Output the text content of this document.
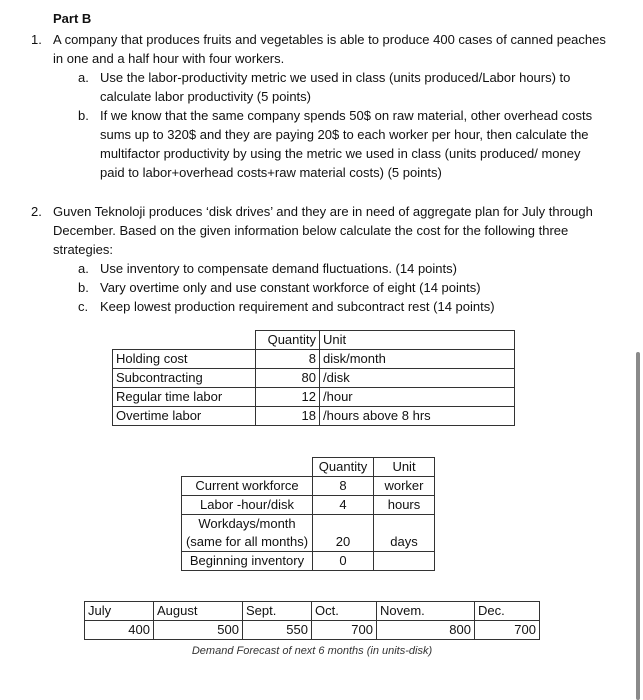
Part B
1. A company that produces fruits and vegetables is able to produce 400 cases of canned peaches
in one and a half hour with four workers.
a. Use the labor-productivity metric we used in class (units produced/Labor hours) to
calculate labor productivity (5 points)
b. If we know that the same company spends 50$ on raw material, other overhead costs
sums up to 320$ and they are paying 20$ to each worker per hour, then calculate the
multifactor productivity by using the metric we used in class (units produced/ money
paid to labor+overhead costs+raw material costs) (5 points)
2. Guven Teknoloji produces ‘disk drives’ and they are in need of aggregate plan for July through
December. Based on the given information below calculate the cost for the following three
strategies:
a. Use inventory to compensate demand fluctuations. (14 points)
b. Vary overtime only and use constant workforce of eight (14 points)
c. Keep lowest production requirement and subcontract rest (14 points)
	Quantity	Unit
Holding cost	8	disk/month
Subcontracting	80	/disk
Regular time labor	12	/hour
Overtime labor	18	/hours above 8 hrs
	Quantity	Unit
Current workforce	8	worker
Labor -hour/disk	4	hours

Workdays/month
(same for all months)	20	days
Beginning inventory	0	
July	August	Sept.	Oct.	Novem.	Dec.
400	500	550	700	800	700
Demand Forecast of next 6 months (in units-disk)					
